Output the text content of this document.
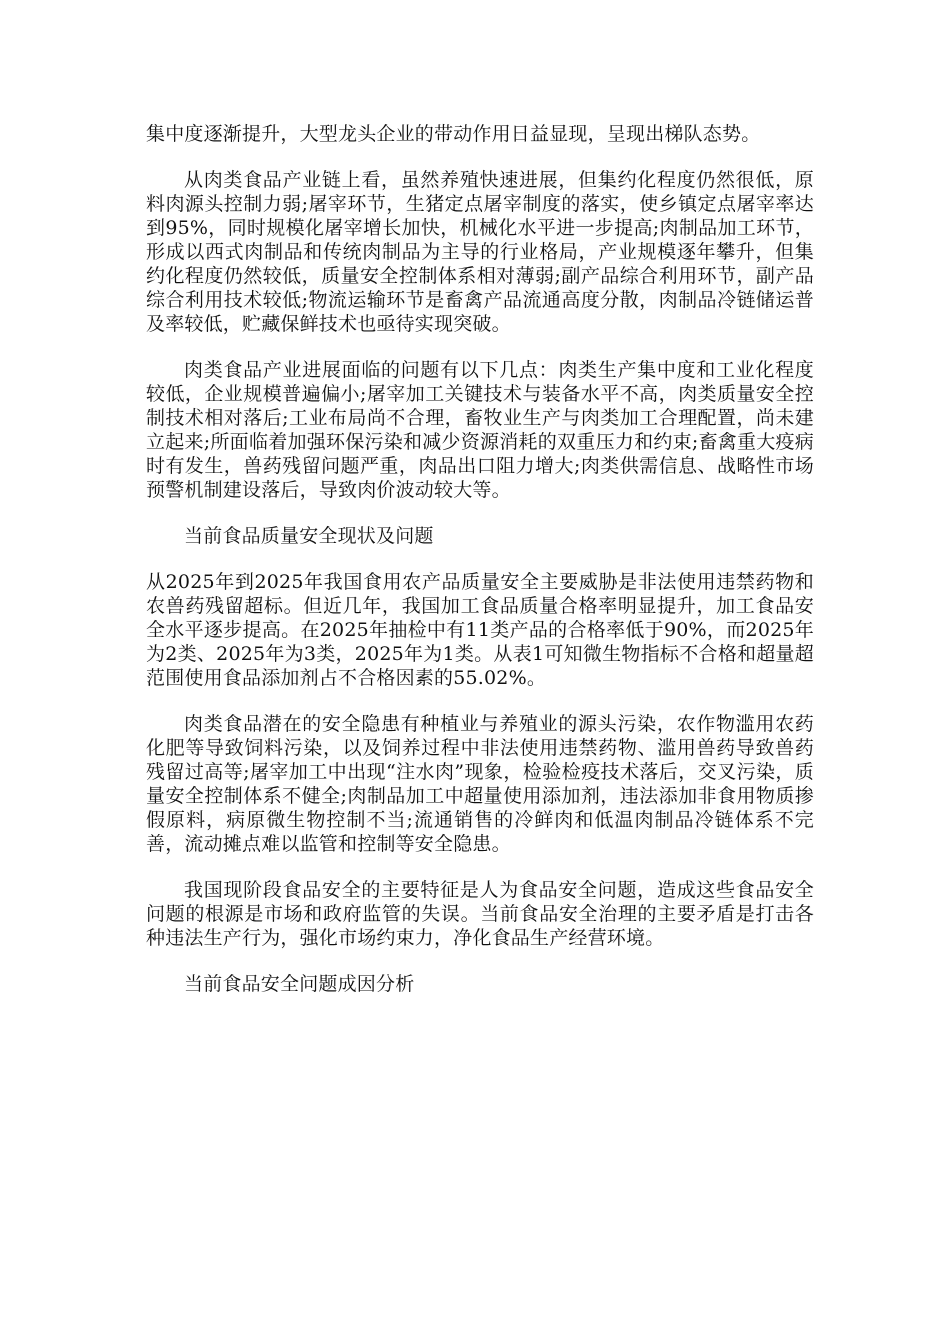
集中度逐渐提升，大型龙头企业的带动作用日益显现，呈现出梯队态势。

从肉类食品产业链上看，虽然养殖快速进展，但集约化程度仍然很低，原料肉源头控制力弱;屠宰环节，生猪定点屠宰制度的落实，使乡镇定点屠宰率达到95%，同时规模化屠宰增长加快，机械化水平进一步提高;肉制品加工环节，形成以西式肉制品和传统肉制品为主导的行业格局，产业规模逐年攀升，但集约化程度仍然较低，质量安全控制体系相对薄弱;副产品综合利用环节，副产品综合利用技术较低;物流运输环节是畜禽产品流通高度分散，肉制品冷链储运普及率较低，贮藏保鲜技术也亟待实现突破。

肉类食品产业进展面临的问题有以下几点：肉类生产集中度和工业化程度较低，企业规模普遍偏小;屠宰加工关键技术与装备水平不高，肉类质量安全控制技术相对落后;工业布局尚不合理，畜牧业生产与肉类加工合理配置，尚未建立起来;所面临着加强环保污染和减少资源消耗的双重压力和约束;畜禽重大疫病时有发生，兽药残留问题严重，肉品出口阻力增大;肉类供需信息、战略性市场预警机制建设落后，导致肉价波动较大等。

当前食品质量安全现状及问题

从2025年到2025年我国食用农产品质量安全主要威胁是非法使用违禁药物和农兽药残留超标。但近几年，我国加工食品质量合格率明显提升，加工食品安全水平逐步提高。在2025年抽检中有11类产品的合格率低于90%，而2025年为2类、2025年为3类，2025年为1类。从表1可知微生物指标不合格和超量超范围使用食品添加剂占不合格因素的55.02%。

肉类食品潜在的安全隐患有种植业与养殖业的源头污染，农作物滥用农药化肥等导致饲料污染，以及饲养过程中非法使用违禁药物、滥用兽药导致兽药残留过高等;屠宰加工中出现“注水肉”现象，检验检疫技术落后，交叉污染，质量安全控制体系不健全;肉制品加工中超量使用添加剂，违法添加非食用物质掺假原料，病原微生物控制不当;流通销售的冷鲜肉和低温肉制品冷链体系不完善，流动摊点难以监管和控制等安全隐患。

我国现阶段食品安全的主要特征是人为食品安全问题，造成这些食品安全问题的根源是市场和政府监管的失误。当前食品安全治理的主要矛盾是打击各种违法生产行为，强化市场约束力，净化食品生产经营环境。

当前食品安全问题成因分析
